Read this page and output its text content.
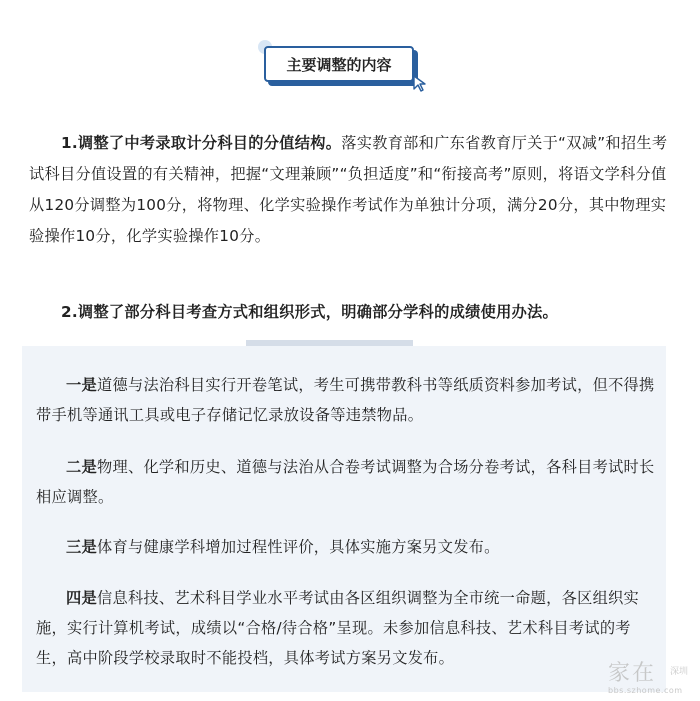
主要调整的内容

1.调整了中考录取计分科目的分值结构。落实教育部和广东省教育厅关于“双减”和招生考试科目分值设置的有关精神，把握“文理兼顾”“负担适度”和“衔接高考”原则，将语文学科分值从120分调整为100分，将物理、化学实验操作考试作为单独计分项，满分20分，其中物理实验操作10分，化学实验操作10分。

2.调整了部分科目考查方式和组织形式，明确部分学科的成绩使用办法。

一是道德与法治科目实行开卷笔试，考生可携带教科书等纸质资料参加考试，但不得携带手机等通讯工具或电子存储记忆录放设备等违禁物品。

二是物理、化学和历史、道德与法治从合卷考试调整为合场分卷考试，各科目考试时长相应调整。

三是体育与健康学科增加过程性评价，具体实施方案另文发布。

四是信息科技、艺术科目学业水平考试由各区组织调整为全市统一命题，各区组织实施，实行计算机考试，成绩以“合格/待合格”呈现。未参加信息科技、艺术科目考试的考生，高中阶段学校录取时不能投档，具体考试方案另文发布。

家在 深圳
bbs.szhome.com
